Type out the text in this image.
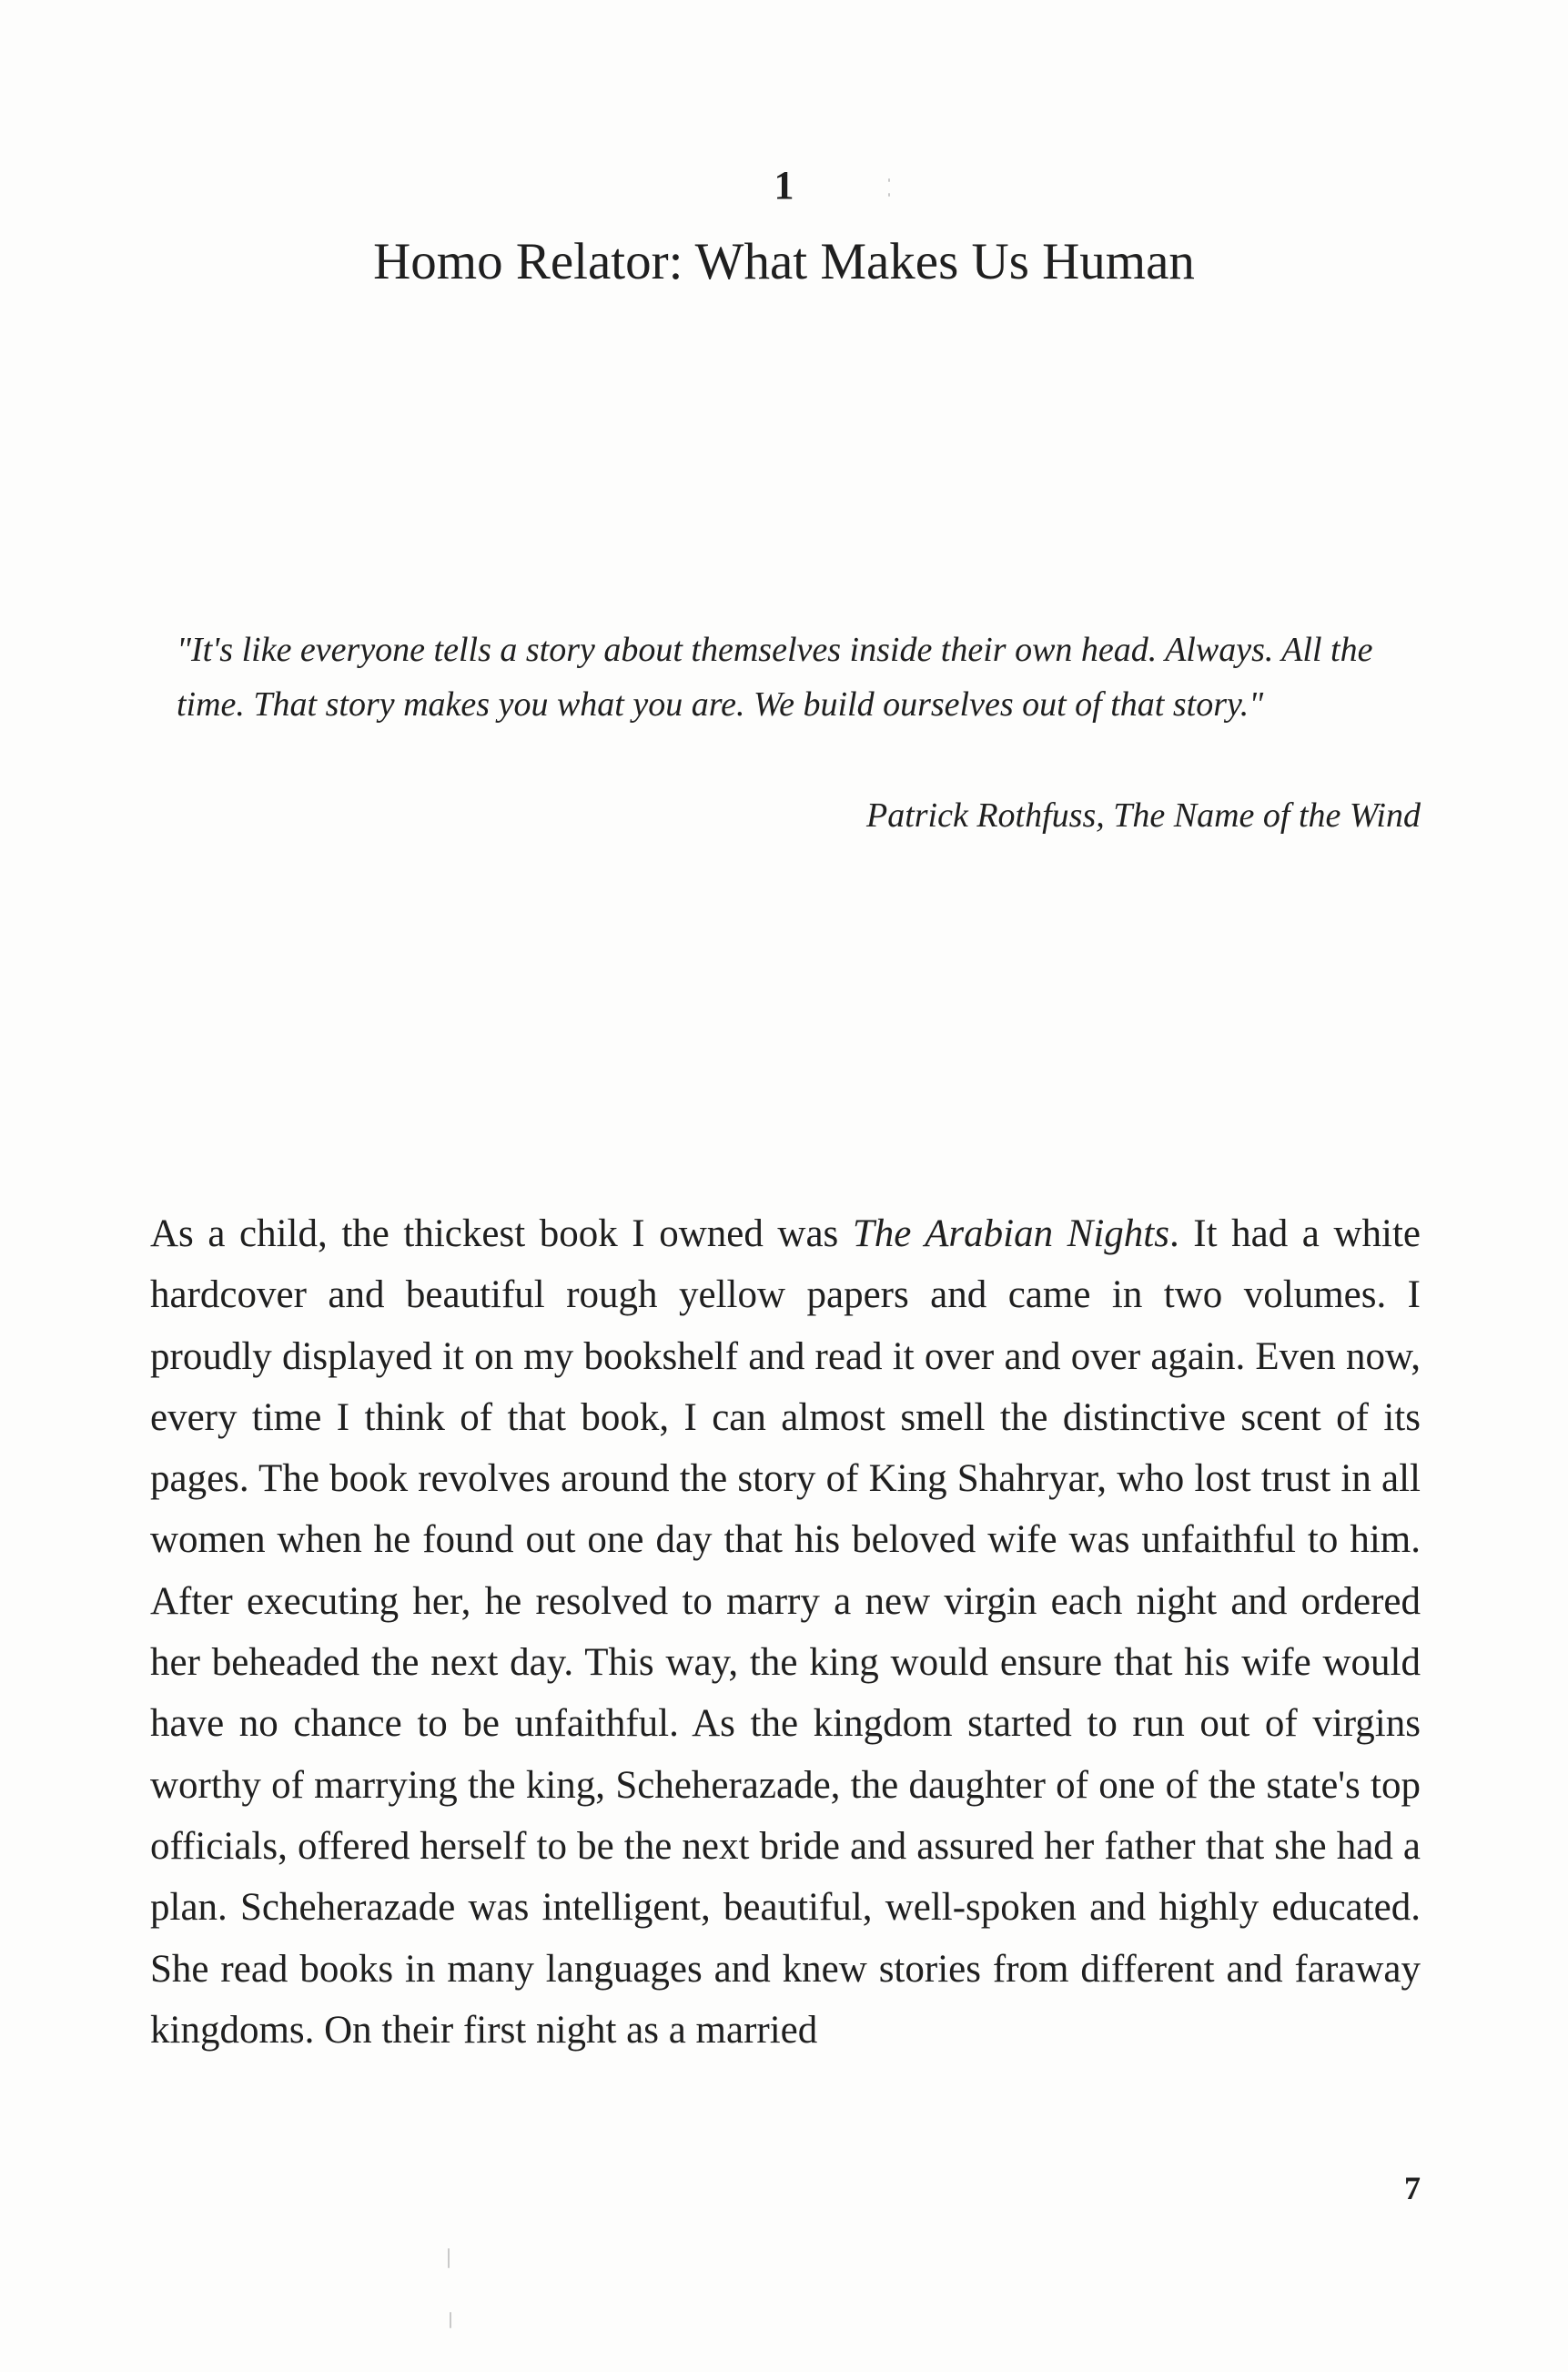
1
Homo Relator: What Makes Us Human

"It's like everyone tells a story about themselves inside their own head. Always. All the time. That story makes you what you are. We build ourselves out of that story."

Patrick Rothfuss, The Name of the Wind

As a child, the thickest book I owned was The Arabian Nights. It had a white hardcover and beautiful rough yellow papers and came in two volumes. I proudly displayed it on my bookshelf and read it over and over again. Even now, every time I think of that book, I can almost smell the distinctive scent of its pages. The book revolves around the story of King Shahryar, who lost trust in all women when he found out one day that his beloved wife was unfaithful to him. After executing her, he resolved to marry a new virgin each night and ordered her beheaded the next day. This way, the king would ensure that his wife would have no chance to be unfaithful. As the kingdom started to run out of virgins worthy of marrying the king, Scheherazade, the daughter of one of the state's top officials, offered herself to be the next bride and assured her father that she had a plan. Scheherazade was intelligent, beautiful, well-spoken and highly educated. She read books in many languages and knew stories from different and faraway kingdoms. On their first night as a married

7
